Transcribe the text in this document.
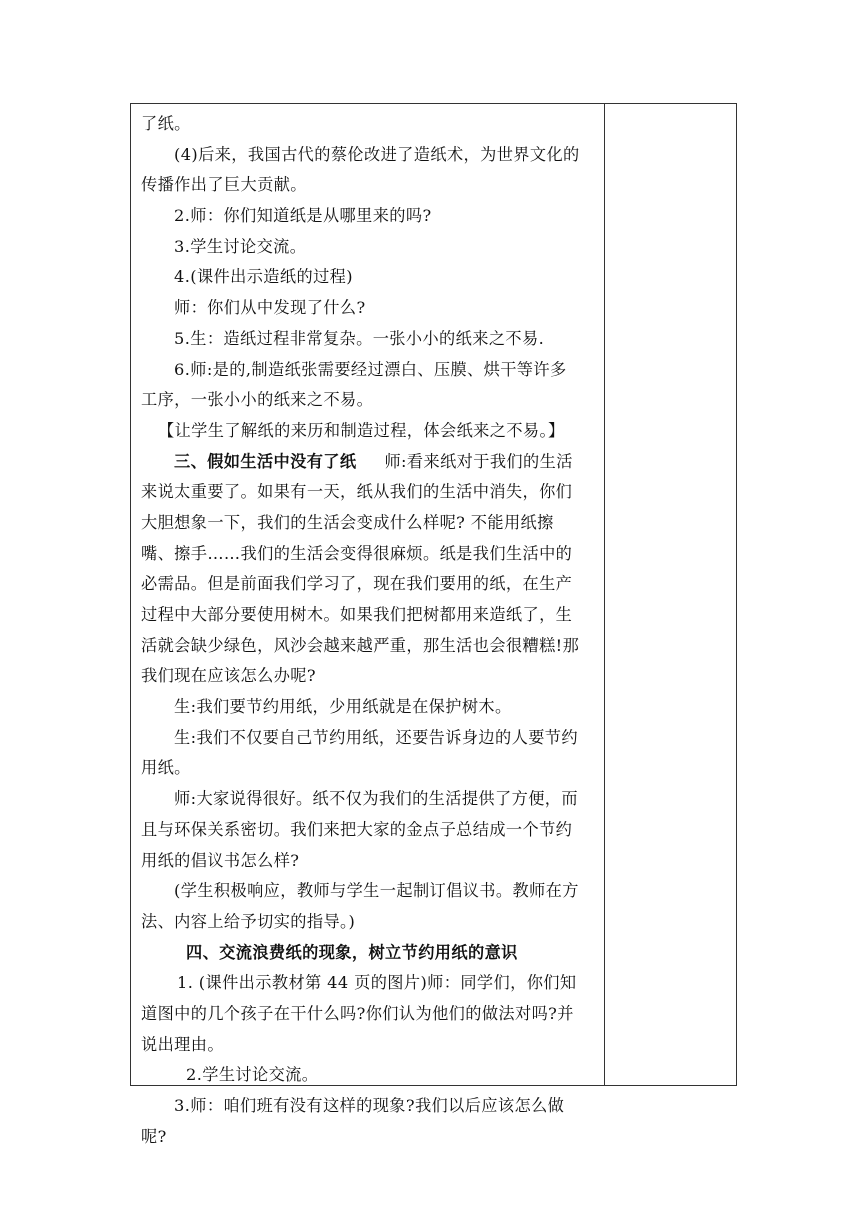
了纸。
(4)后来，我国古代的蔡伦改进了造纸术，为世界文化的
传播作出了巨大贡献。
2.师：你们知道纸是从哪里来的吗?
3.学生讨论交流。
4.(课件出示造纸的过程)
师：你们从中发现了什么?
5.生：造纸过程非常复杂。一张小小的纸来之不易.
6.师:是的,制造纸张需要经过漂白、压膜、烘干等许多
工序，一张小小的纸来之不易。
【让学生了解纸的来历和制造过程，体会纸来之不易。】
三、假如生活中没有了纸 师:看来纸对于我们的生活
来说太重要了。如果有一天，纸从我们的生活中消失，你们
大胆想象一下，我们的生活会变成什么样呢? 不能用纸擦
嘴、擦手……我们的生活会变得很麻烦。纸是我们生活中的
必需品。但是前面我们学习了，现在我们要用的纸，在生产
过程中大部分要使用树木。如果我们把树都用来造纸了，生
活就会缺少绿色，风沙会越来越严重，那生活也会很糟糕!那
我们现在应该怎么办呢?
生:我们要节约用纸，少用纸就是在保护树木。
生:我们不仅要自己节约用纸，还要告诉身边的人要节约
用纸。
师:大家说得很好。纸不仅为我们的生活提供了方便，而
且与环保关系密切。我们来把大家的金点子总结成一个节约
用纸的倡议书怎么样?
(学生积极响应，教师与学生一起制订倡议书。教师在方
法、内容上给予切实的指导。)
四、交流浪费纸的现象，树立节约用纸的意识
1. (课件出示教材第 44 页的图片)师：同学们，你们知
道图中的几个孩子在干什么吗?你们认为他们的做法对吗?并
说出理由。
2.学生讨论交流。
3.师：咱们班有没有这样的现象?我们以后应该怎么做
呢?
